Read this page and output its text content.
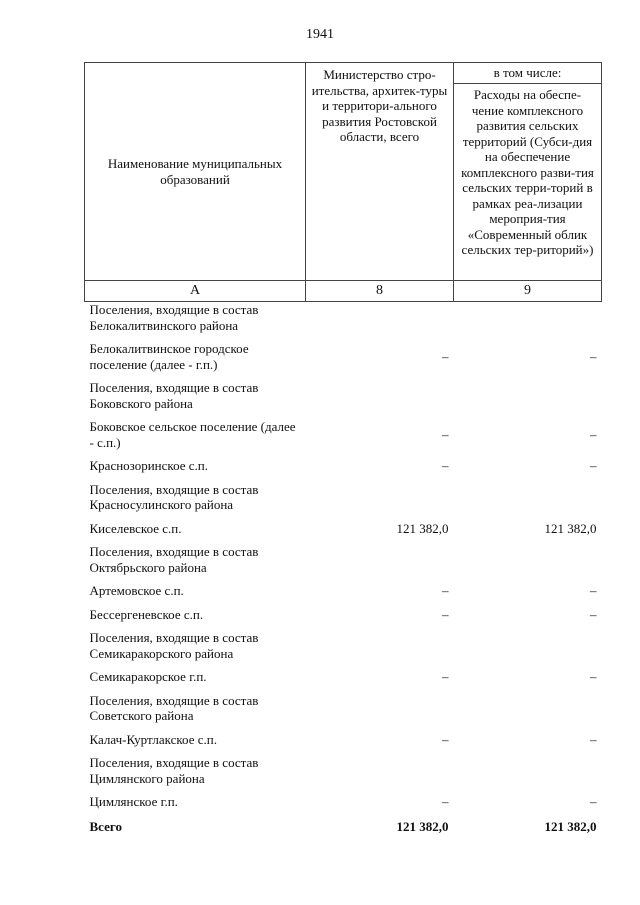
1941
Наименование муниципальных образований	Министерство стро-ительства, архитек-туры и территори-ального развития Ростовской области, всего	в том числе:
		Расходы на обеспе-чение комплексного развития сельских территорий (Субси-дия на обеспечение комплексного разви-тия сельских терри-торий в рамках реа-лизации мероприя-тия «Современный облик сельских тер-риторий»)
А	8	9
Поселения, входящие в состав Белокалитвинского района		
Белокалитвинское городское поселение (далее - г.п.)	–	–
Поселения, входящие в состав Боковского района		
Боковское сельское поселение (далее - с.п.)	–	–
Краснозоринское с.п.	–	–
Поселения, входящие в состав Красносулинского района		
Киселевское с.п.	121 382,0	121 382,0
Поселения, входящие в состав Октябрьского района		
Артемовское с.п.	–	–
Бессергеневское с.п.	–	–
Поселения, входящие в состав Семикаракорского района		
Семикаракорское г.п.	–	–
Поселения, входящие в состав Советского района		
Калач-Куртлакское с.п.	–	–
Поселения, входящие в состав Цимлянского района		
Цимлянское г.п.	–	–
Всего	121 382,0	121 382,0
